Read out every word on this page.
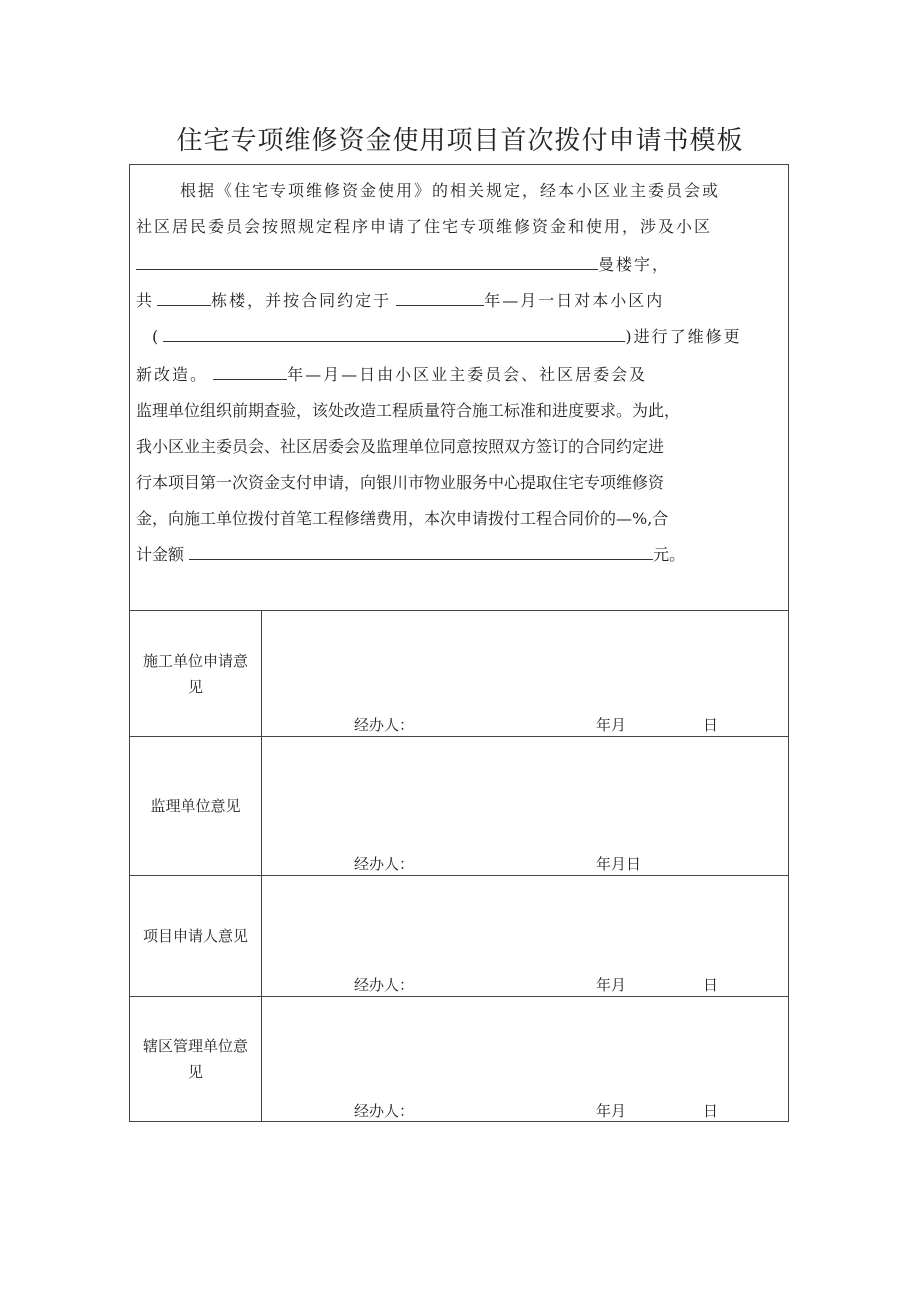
住宅专项维修资金使用项目首次拨付申请书模板
根据《住宅专项维修资金使用》的相关规定，经本小区业主委员会或
社区居民委员会按照规定程序申请了住宅专项维修资金和使用，涉及小区
曼楼宇，
共	栋楼，并按合同约定于	年—月一日对本小区内
(	)进行了维修更
新改造。	年—月—日由小区业主委员会、社区居委会及
监理单位组织前期查验，该处改造工程质量符合施工标准和进度要求。为此，
我小区业主委员会、社区居委会及监理单位同意按照双方签订的合同约定进
行本项目第一次资金支付申请，向银川市物业服务中心提取住宅专项维修资
金，向施工单位拨付首笔工程修缮费用，本次申请拨付工程合同价的—%,合
计金额	元。
施工单位申请意
见
经办人：	年月	日
监理单位意见
经办人：	年月日
项目申请人意见
经办人：	年月	日
辖区管理单位意
见
经办人：	年月	日
